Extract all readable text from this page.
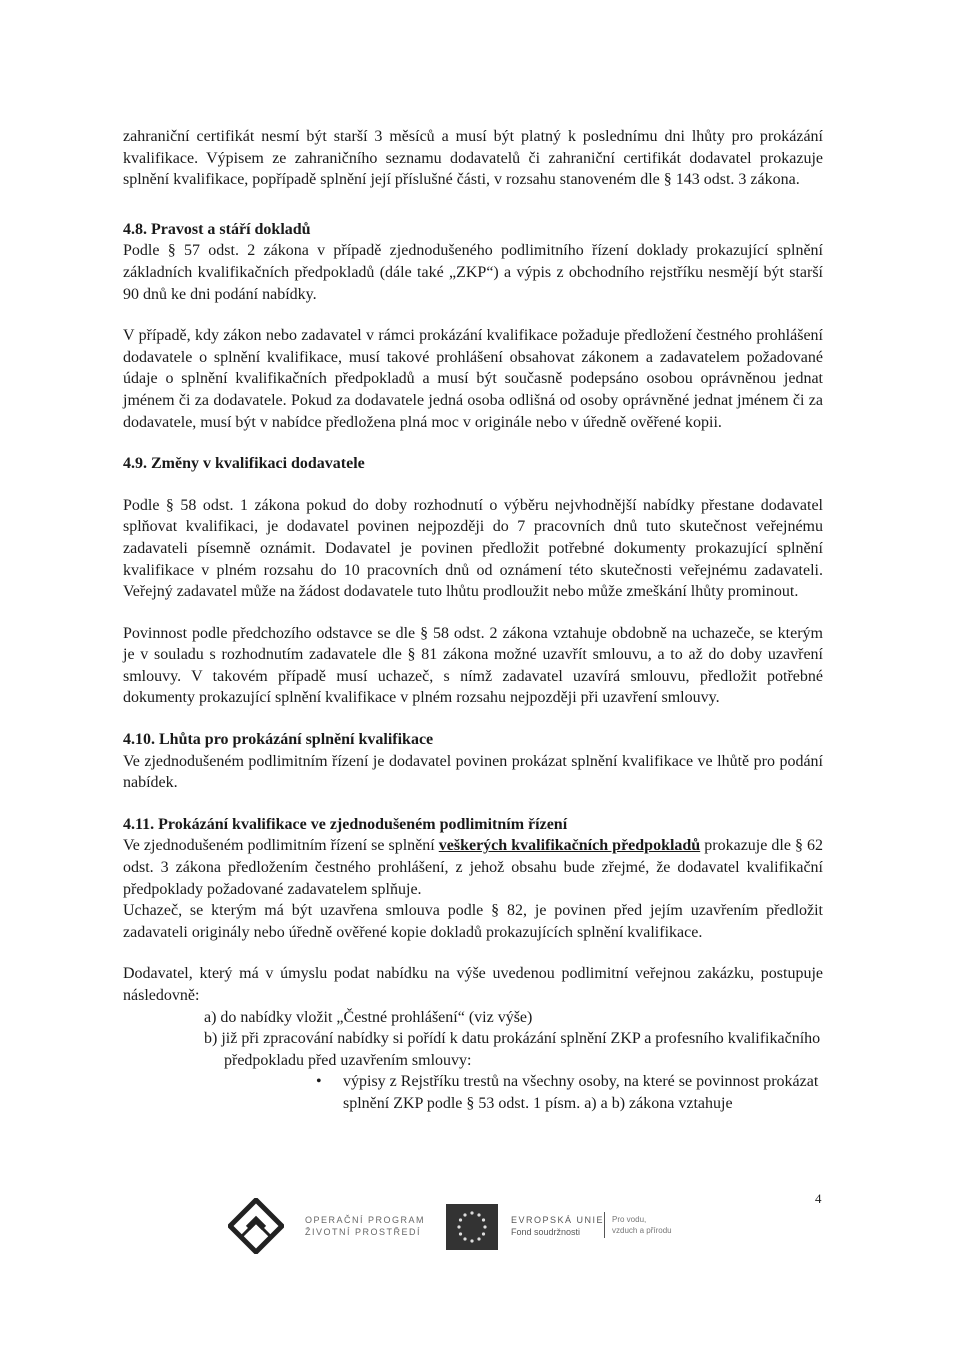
zahraniční certifikát nesmí být starší 3 měsíců a musí být platný k poslednímu dni lhůty pro prokázání kvalifikace. Výpisem ze zahraničního seznamu dodavatelů či zahraniční certifikát dodavatel prokazuje splnění kvalifikace, popřípadě splnění její příslušné části, v rozsahu stanoveném dle § 143 odst. 3 zákona.

4.8. Pravost a stáří dokladů

Podle § 57 odst. 2 zákona v případě zjednodušeného podlimitního řízení doklady prokazující splnění základních kvalifikačních předpokladů (dále také „ZKP“) a výpis z obchodního rejstříku nesmějí být starší 90 dnů ke dni podání nabídky.

V případě, kdy zákon nebo zadavatel v rámci prokázání kvalifikace požaduje předložení čestného prohlášení dodavatele o splnění kvalifikace, musí takové prohlášení obsahovat zákonem a zadavatelem požadované údaje o splnění kvalifikačních předpokladů a musí být současně podepsáno osobou oprávněnou jednat jménem či za dodavatele. Pokud za dodavatele jedná osoba odlišná od osoby oprávněné jednat jménem či za dodavatele, musí být v nabídce předložena plná moc v originále nebo v úředně ověřené kopii.

4.9. Změny v kvalifikaci dodavatele

Podle § 58 odst. 1 zákona pokud do doby rozhodnutí o výběru nejvhodnější nabídky přestane dodavatel splňovat kvalifikaci, je dodavatel povinen nejpozději do 7 pracovních dnů tuto skutečnost veřejnému zadavateli písemně oznámit. Dodavatel je povinen předložit potřebné dokumenty prokazující splnění kvalifikace v plném rozsahu do 10 pracovních dnů od oznámení této skutečnosti veřejnému zadavateli. Veřejný zadavatel může na žádost dodavatele tuto lhůtu prodloužit nebo může zmeškání lhůty prominout.

Povinnost podle předchozího odstavce se dle § 58 odst. 2 zákona vztahuje obdobně na uchazeče, se kterým je v souladu s rozhodnutím zadavatele dle § 81 zákona možné uzavřít smlouvu, a to až do doby uzavření smlouvy. V takovém případě musí uchazeč, s nímž zadavatel uzavírá smlouvu, předložit potřebné dokumenty prokazující splnění kvalifikace v plném rozsahu nejpozději při uzavření smlouvy.

4.10. Lhůta pro prokázání splnění kvalifikace

Ve zjednodušeném podlimitním řízení je dodavatel povinen prokázat splnění kvalifikace ve lhůtě pro podání nabídek.

4.11. Prokázání kvalifikace ve zjednodušeném podlimitním řízení

Ve zjednodušeném podlimitním řízení se splnění veškerých kvalifikačních předpokladů prokazuje dle § 62 odst. 3 zákona předložením čestného prohlášení, z jehož obsahu bude zřejmé, že dodavatel kvalifikační předpoklady požadované zadavatelem splňuje.

Uchazeč, se kterým má být uzavřena smlouva podle § 82, je povinen před jejím uzavřením předložit zadavateli originály nebo úředně ověřené kopie dokladů prokazujících splnění kvalifikace.

Dodavatel, který má v úmyslu podat nabídku na výše uvedenou podlimitní veřejnou zakázku, postupuje následovně:

a) do nabídky vložit „Čestné prohlášení“ (viz výše)
b) již při zpracování nabídky si pořídí k datu prokázání splnění ZKP a profesního kvalifikačního předpokladu před uzavřením smlouvy:
• výpisy z Rejstříku trestů na všechny osoby, na které se povinnost prokázat splnění ZKP podle § 53 odst. 1 písm. a) a b) zákona vztahuje
4
OPERAČNÍ PROGRAM
ŽIVOTNÍ PROSTŘEDÍ
EVROPSKÁ UNIE
Fond soudržnosti
Pro vodu,
vzduch a přírodu
